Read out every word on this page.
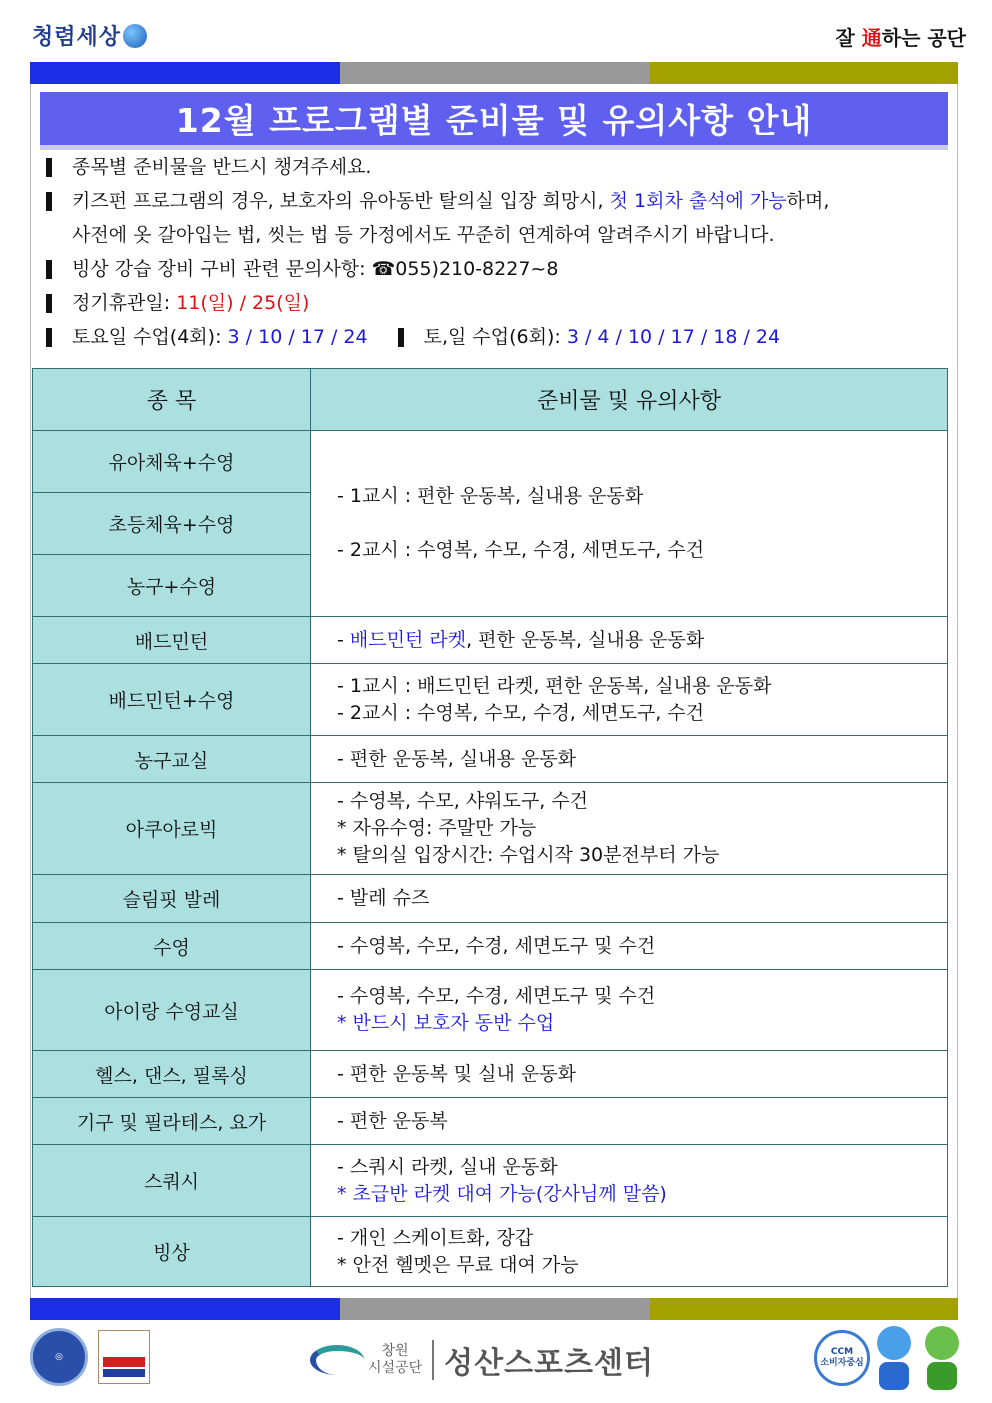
청렴세상	잘 通하는 공단
12월 프로그램별 준비물 및 유의사항 안내
종목별 준비물을 반드시 챙겨주세요.
키즈펀 프로그램의 경우, 보호자의 유아동반 탈의실 입장 희망시, 첫 1회차 출석에 가능하며,
사전에 옷 갈아입는 법, 씻는 법 등 가정에서도 꾸준히 연계하여 알려주시기 바랍니다.
빙상 강습 장비 구비 관련 문의사항: ☎055)210-8227~8
정기휴관일: 11(일) / 25(일)
토요일 수업(4회): 3 / 10 / 17 / 24	토,일 수업(6회): 3 / 4 / 10 / 17 / 18 / 24
종 목	준비물 및 유의사항
유아체육+수영	- 1교시 : 편한 운동복, 실내용 운동화
- 2교시 : 수영복, 수모, 수경, 세면도구, 수건

초등체육+수영	
농구+수영	
배드민턴	- 배드민턴 라켓, 편한 운동복, 실내용 운동화
배드민턴+수영	- 1교시 : 배드민턴 라켓, 편한 운동복, 실내용 운동화
- 2교시 : 수영복, 수모, 수경, 세면도구, 수건

농구교실	- 편한 운동복, 실내용 운동화
아쿠아로빅	- 수영복, 수모, 샤워도구, 수건
* 자유수영: 주말만 가능
* 탈의실 입장시간: 수업시작 30분전부터 가능

슬림핏 발레	- 발레 슈즈
수영	- 수영복, 수모, 수경, 세면도구 및 수건
아이랑 수영교실	- 수영복, 수모, 수경, 세면도구 및 수건
* 반드시 보호자 동반 수업

헬스, 댄스, 필록싱	- 편한 운동복 및 실내 운동화
기구 및 필라테스, 요가	- 편한 운동복
스쿼시	- 스쿼시 라켓, 실내 운동화
* 초급반 라켓 대여 가능(강사님께 말씀)

빙상	- 개인 스케이트화, 장갑
* 안전 헬멧은 무료 대여 가능
◎	창원
시설공단 성산스포츠센터	CCM
소비자중심
